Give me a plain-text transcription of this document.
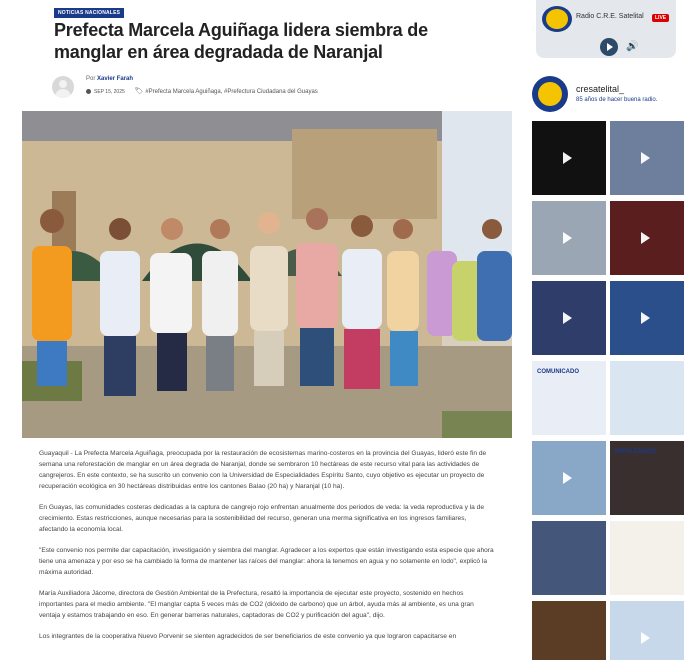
NOTICIAS NACIONALES
Prefecta Marcela Aguiñaga lidera siembra de manglar en área degradada de Naranjal
Por Xavier Farah
SEP 15, 2025 🏷 #Prefecta Marcela Aguiñaga, #Prefectura Ciudadana del Guayas

Guayaquil - La Prefecta Marcela Aguiñaga, preocupada por la restauración de ecosistemas marino-costeros en la provincia del Guayas, lideró este fin de semana una reforestación de manglar en un área degrada de Naranjal, donde se sembraron 10 hectáreas de este recurso vital para las actividades de cangrejeros. En este contexto, se ha suscrito un convenio con la Universidad de Especialidades Espíritu Santo, cuyo objetivo es ejecutar un proyecto de recuperación ecológica en 30 hectáreas distribuidas entre los cantones Balao (20 ha) y Naranjal (10 ha).

En Guayas, las comunidades costeras dedicadas a la captura de cangrejo rojo enfrentan anualmente dos periodos de veda: la veda reproductiva y la de crecimiento. Estas restricciones, aunque necesarias para la sostenibilidad del recurso, generan una merma significativa en los ingresos familiares, afectando la economía local.

"Este convenio nos permite dar capacitación, investigación y siembra del manglar. Agradecer a los expertos que están investigando esta especie que ahora tiene una amenaza y por eso se ha cambiado la forma de mantener las raíces del manglar: ahora la tenemos en agua y no solamente en lodo", explicó la máxima autoridad.

María Auxiliadora Jácome, directora de Gestión Ambiental de la Prefectura, resaltó la importancia de ejecutar este proyecto, sostenido en hechos importantes para el medio ambiente. "El manglar capta 5 veces más de CO2 (dióxido de carbono) que un árbol, ayuda más al ambiente, es una gran ventaja y estamos trabajando en eso. En generar barreras naturales, captadoras de CO2 y purificación del agua", dijo.

Los integrantes de la cooperativa Nuevo Porvenir se sienten agradecidos de ser beneficiarios de este convenio ya que lograron capacitarse en

Radio C.R.E. Satelital	LIVE
🔊
cresatelital_
85 años de hacer buena radio.
COMUNICADO
IMPULSAMOS
